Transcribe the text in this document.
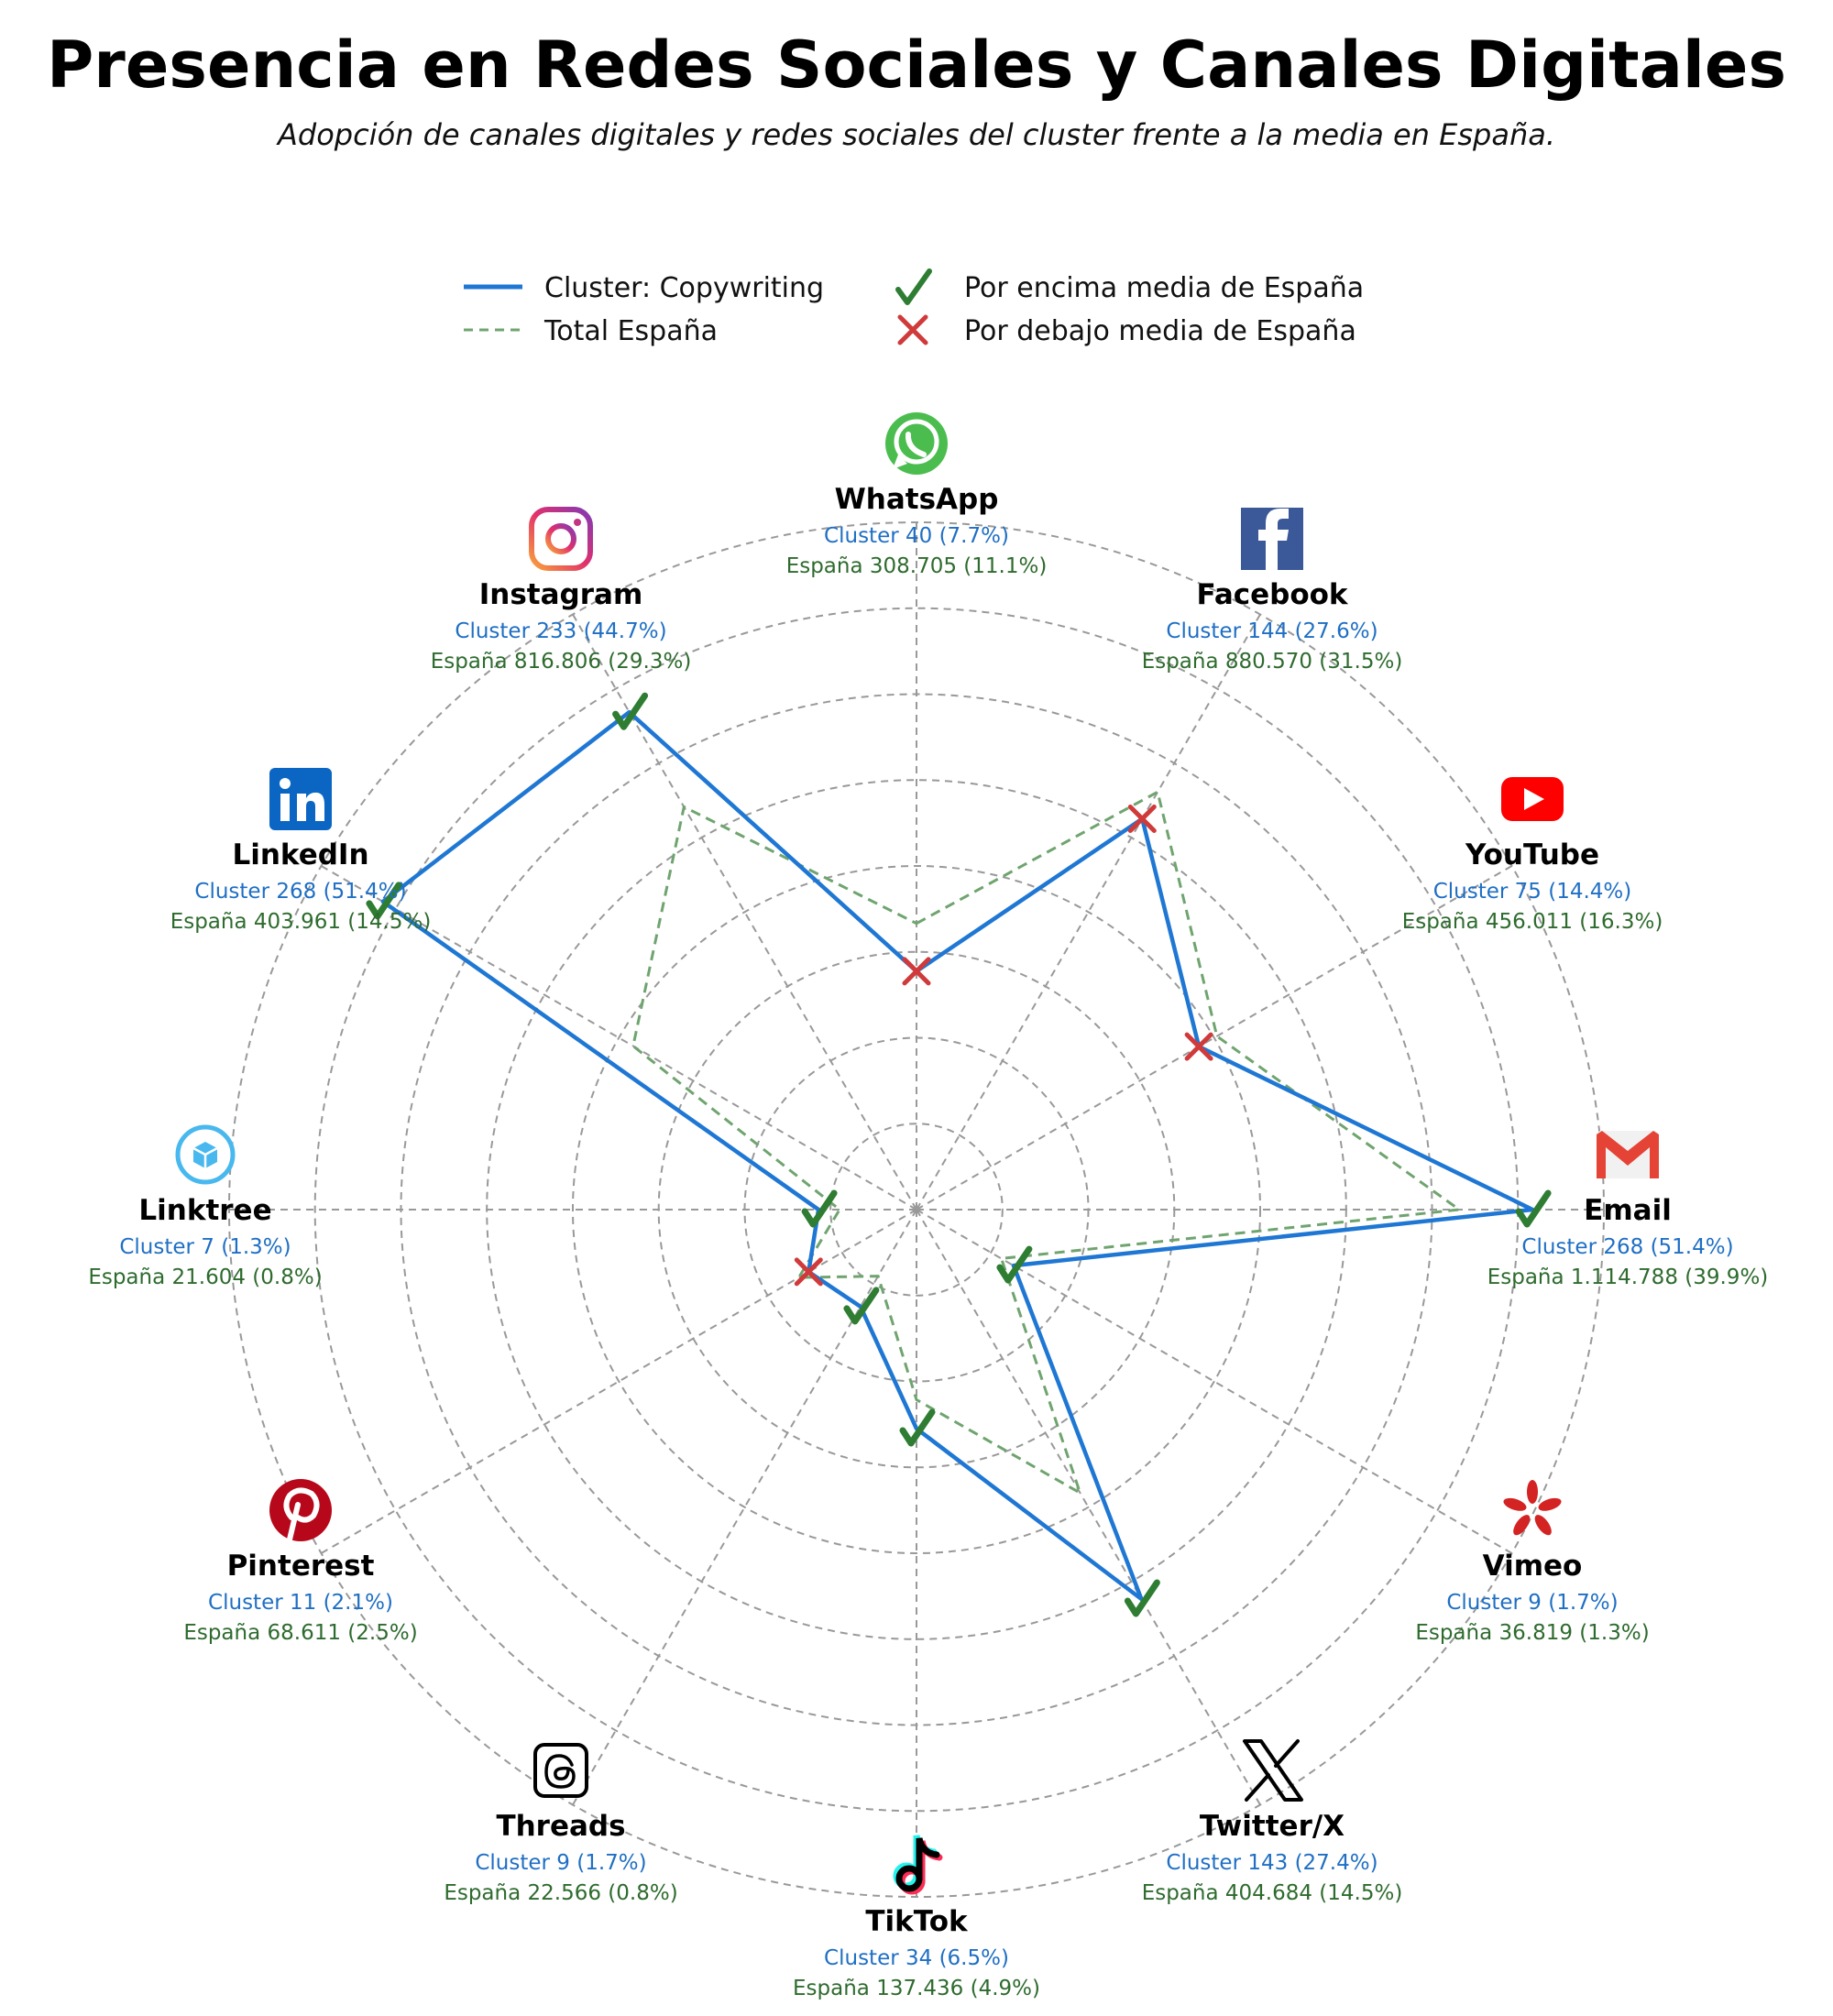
Presencia en Redes Sociales y Canales Digitales
Adopción de canales digitales y redes sociales del cluster frente a la media en España.
Cluster: Copywriting
Total España
Por encima media de España
Por debajo media de España
WhatsApp
Cluster 40 (7.7%)
España 308.705 (11.1%)
Facebook
Cluster 144 (27.6%)
España 880.570 (31.5%)
YouTube
Cluster 75 (14.4%)
España 456.011 (16.3%)
Email
Cluster 268 (51.4%)
España 1.114.788 (39.9%)
Vimeo
Cluster 9 (1.7%)
España 36.819 (1.3%)
Twitter/X
Cluster 143 (27.4%)
España 404.684 (14.5%)
TikTok
Cluster 34 (6.5%)
España 137.436 (4.9%)
Threads
Cluster 9 (1.7%)
España 22.566 (0.8%)
Pinterest
Cluster 11 (2.1%)
España 68.611 (2.5%)
Linktree
Cluster 7 (1.3%)
España 21.604 (0.8%)
LinkedIn
Cluster 268 (51.4%)
España 403.961 (14.5%)
Instagram
Cluster 233 (44.7%)
España 816.806 (29.3%)
